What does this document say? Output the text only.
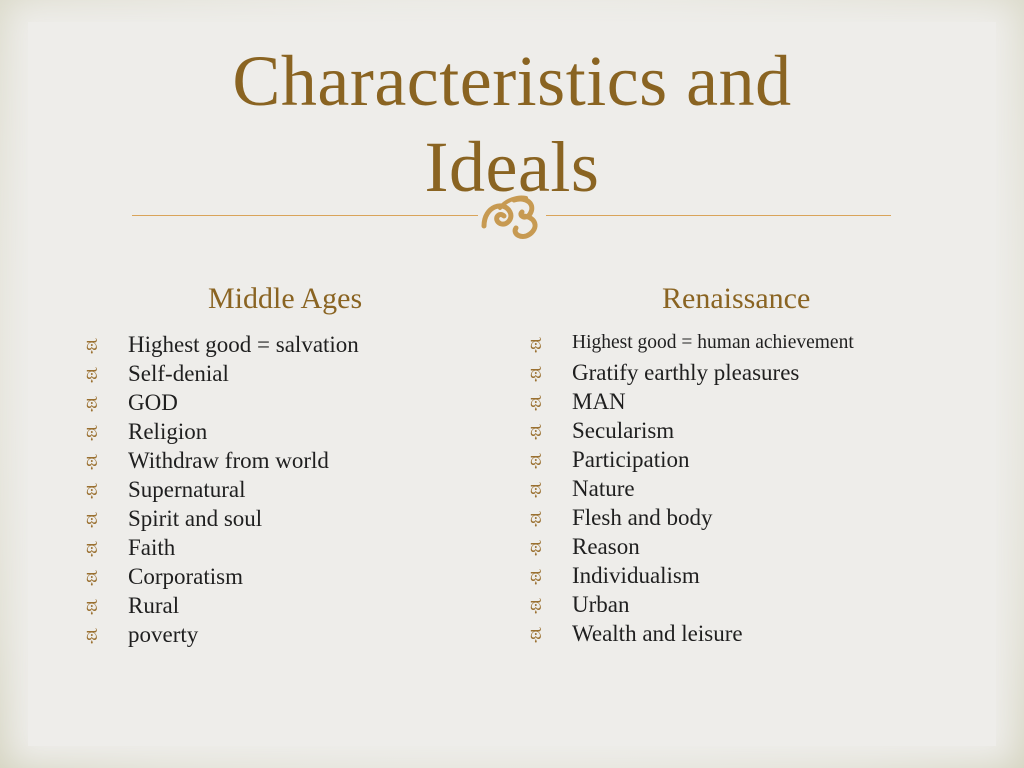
Characteristics and
Ideals
Middle Ages	Renaissance
ಥ Highest good = salvation
ಥ Self-denial
ಥ GOD
ಥ Religion
ಥ Withdraw from world
ಥ Supernatural
ಥ Spirit and soul
ಥ Faith
ಥ Corporatism
ಥ Rural
ಥ poverty
ಥ Highest good = human achievement
ಥ Gratify earthly pleasures
ಥ MAN
ಥ Secularism
ಥ Participation
ಥ Nature
ಥ Flesh and body
ಥ Reason
ಥ Individualism
ಥ Urban
ಥ Wealth and leisure
